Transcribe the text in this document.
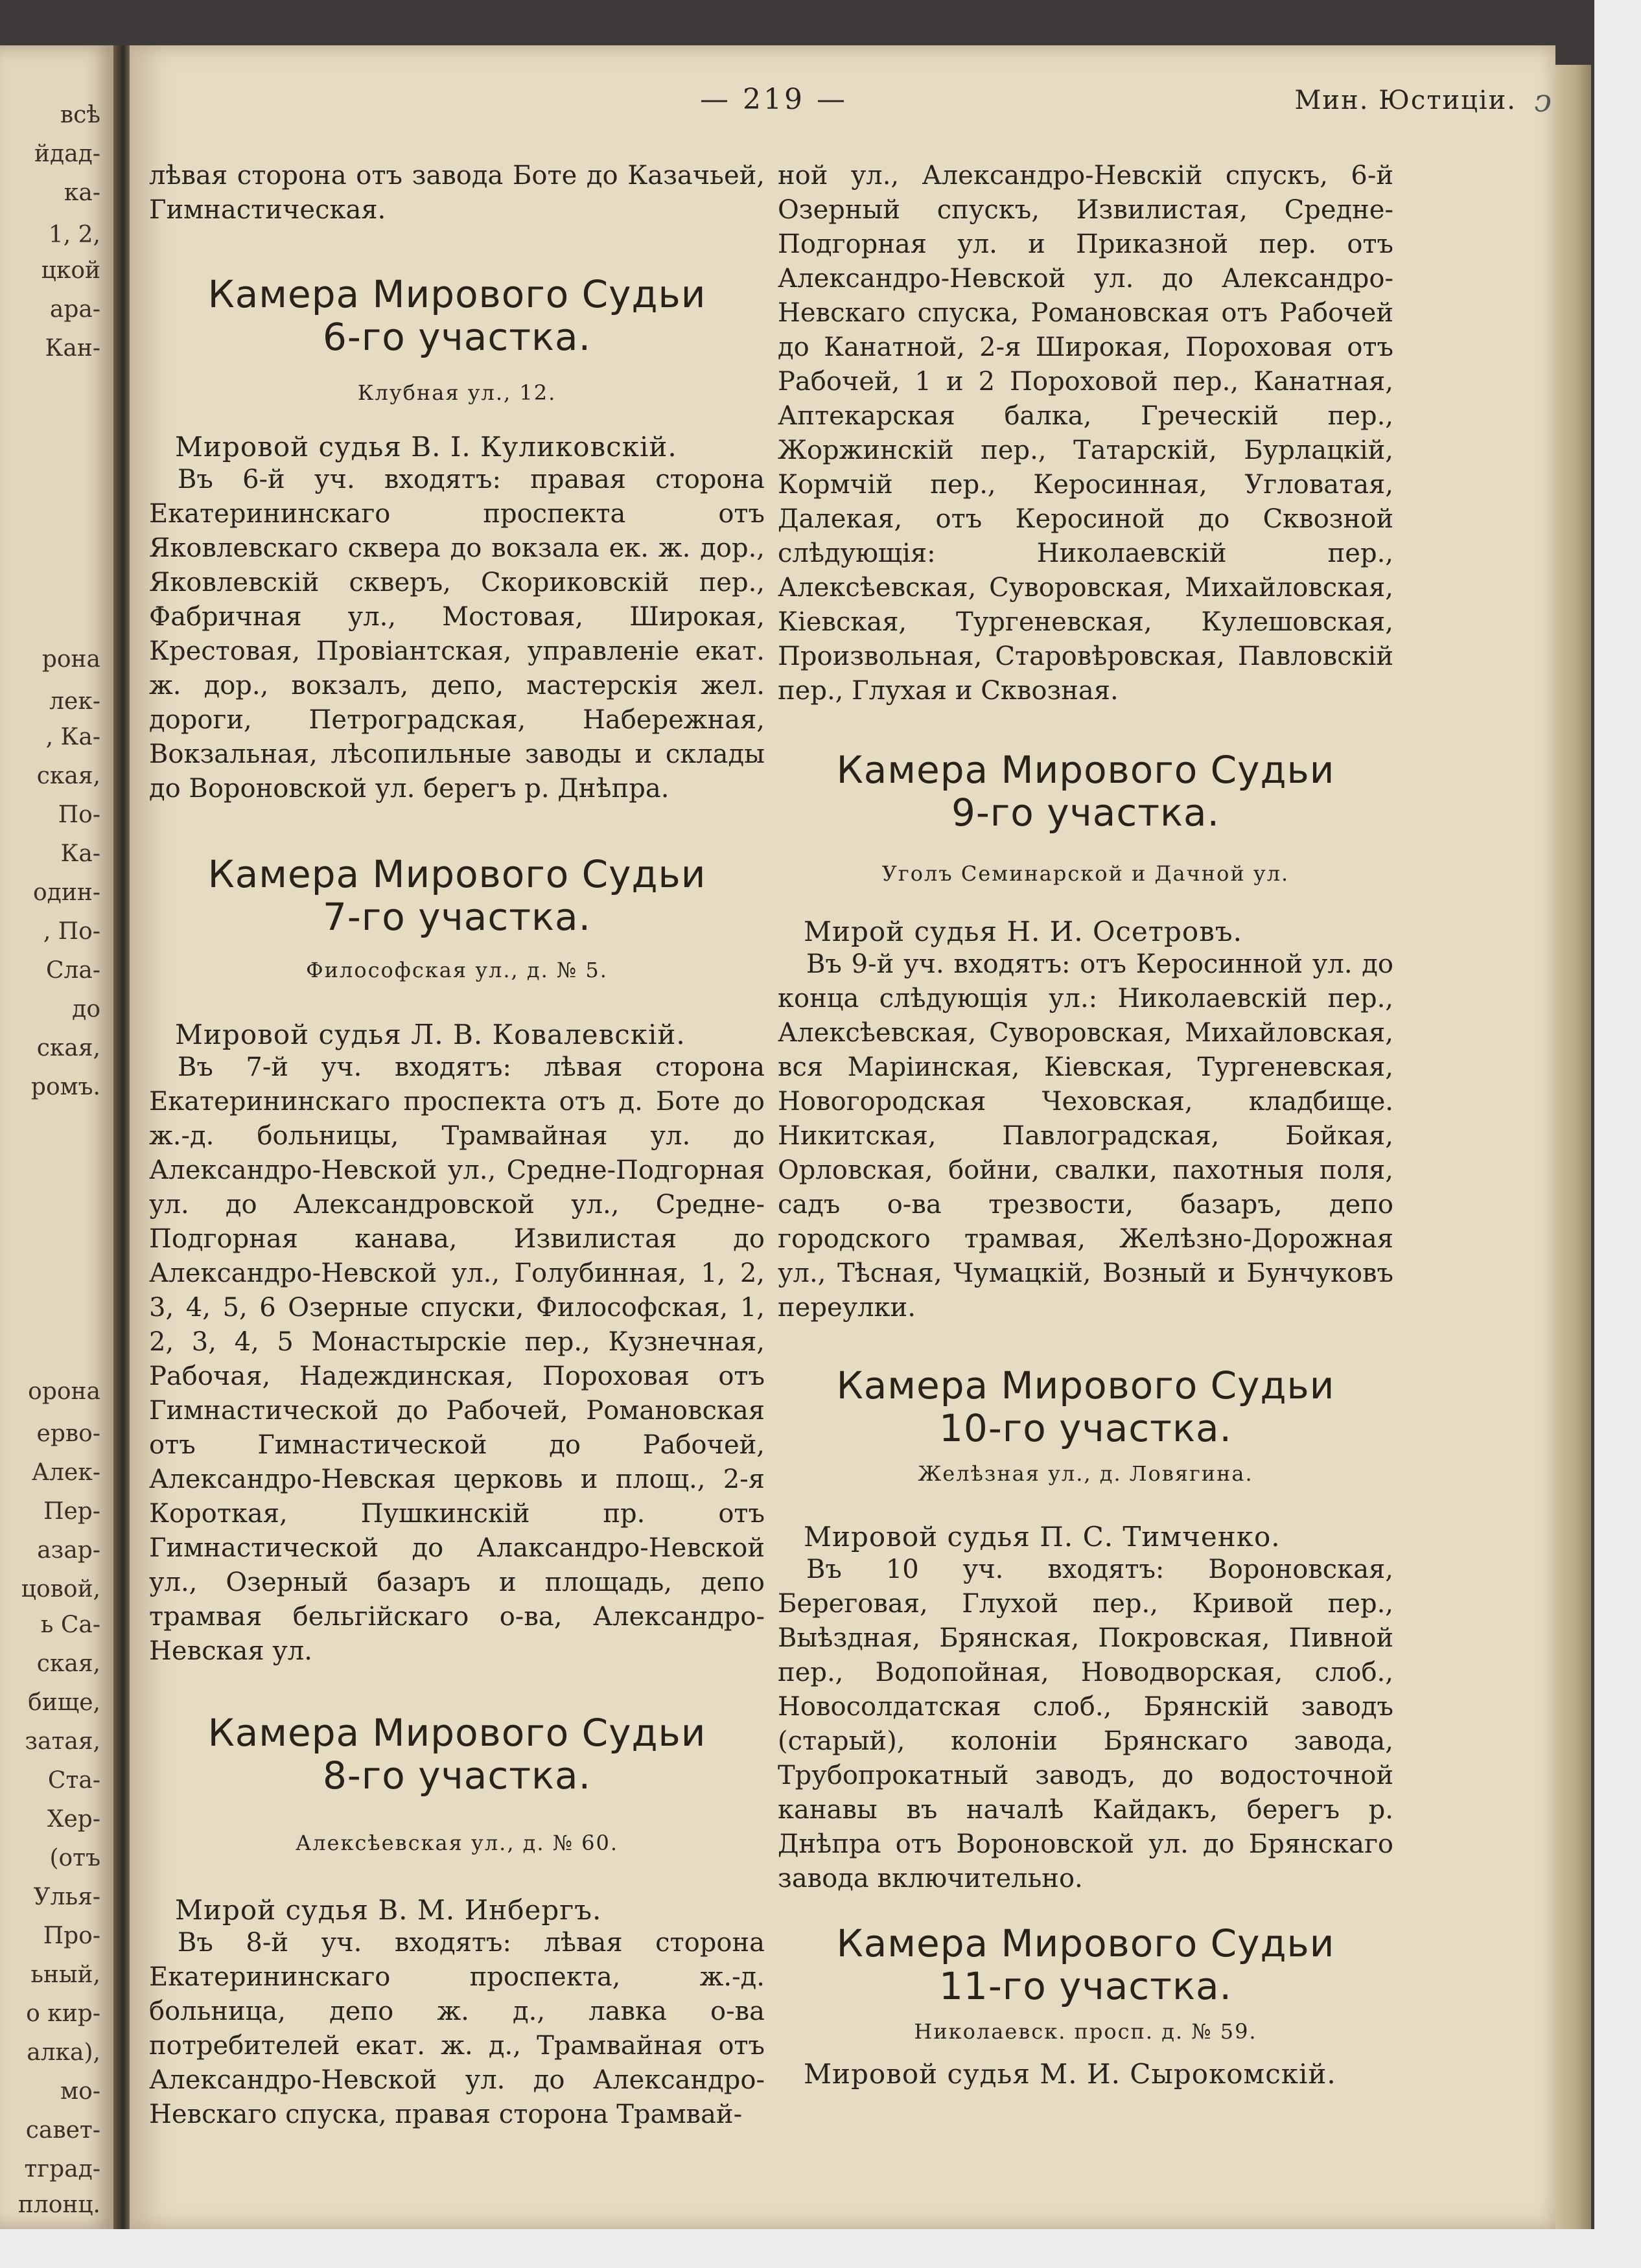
всѣ
йдад-
ка-
1, 2,
цкой
ара-
Кан-
рона
лек-
, Ка-
ская,
По-
Ка-
один-
, По-
Сла-
до
ская,
ромъ.
орона
ерво-
Алек-
Пер-
азар-
цовой,
ь Са-
ская,
бище,
затая,
Ста-
Хер-
(отъ
Улья-
Про-
ьный,
о кир-
алка),
мо-
савет-
тград-
плонц.
— 219 —	Мин. Юстиціи. ↄ

лѣвая сторона отъ завода Боте до Казачьей, Гимнастическая.

Камера Мирового Судьи

6-го участка.

Клубная ул., 12.

Мировой судья В. І. Куликовскій.

Въ 6-й уч. входятъ: правая сторона Екатерининскаго проспекта отъ Яковлевскаго сквера до вокзала ек. ж. дор., Яковлевскій скверъ, Скориковскій пер., Фабричная ул., Мостовая, Широкая, Крестовая, Провіантская, управленіе екат. ж. дор., вокзалъ, депо, мастерскія жел. дороги, Петроградская, Набережная, Вокзальная, лѣсопильные заводы и склады до Вороновской ул. берегъ р. Днѣпра.

Камера Мирового Судьи

7-го участка.

Философская ул., д. № 5.

Мировой судья Л. В. Ковалевскій.

Въ 7-й уч. входятъ: лѣвая сторона Екатерининскаго проспекта отъ д. Боте до ж.-д. больницы, Трамвайная ул. до Александро-Невской ул., Средне-Подгорная ул. до Александровской ул., Средне-Подгорная канава, Извилистая до Александро-Невской ул., Голубинная, 1, 2, 3, 4, 5, 6 Озерные спуски, Философская, 1, 2, 3, 4, 5 Монастырскіе пер., Кузнечная, Рабочая, Надеждинская, Пороховая отъ Гимнастической до Рабочей, Романовская отъ Гимнастической до Рабочей, Александро-Невская церковь и площ., 2-я Короткая, Пушкинскій пр. отъ Гимнастической до Алаксандро-Невской ул., Озерный базаръ и площадь, депо трамвая бельгійскаго о-ва, Александро-Невская ул.

Камера Мирового Судьи

8-го участка.

Алексѣевская ул., д. № 60.

Мирой судья В. М. Инбергъ.

Въ 8-й уч. входятъ: лѣвая сторона Екатерининскаго проспекта, ж.-д. больница, депо ж. д., лавка о-ва потребителей екат. ж. д., Трамвайная отъ Александро-Невской ул. до Александро-Невскаго спуска, правая сторона Трамвай-

ной ул., Александро-Невскій спускъ, 6-й Озерный спускъ, Извилистая, Средне-Подгорная ул. и Приказной пер. отъ Александро-Невской ул. до Александро-Невскаго спуска, Романовская отъ Рабочей до Канатной, 2-я Широкая, Пороховая отъ Рабочей, 1 и 2 Пороховой пер., Канатная, Аптекарская балка, Греческій пер., Жоржинскій пер., Татарскій, Бурлацкій, Кормчій пер., Керосинная, Угловатая, Далекая, отъ Керосиной до Сквозной слѣдующія: Николаевскій пер., Алексѣевская, Суворовская, Михайловская, Кіевская, Тургеневская, Кулешовская, Произвольная, Старовѣровская, Павловскій пер., Глухая и Сквозная.

Камера Мирового Судьи

9-го участка.

Уголъ Семинарской и Дачной ул.

Мирой судья Н. И. Осетровъ.

Въ 9-й уч. входятъ: отъ Керосинной ул. до конца слѣдующія ул.: Николаевскій пер., Алексѣевская, Суворовская, Михайловская, вся Маріинская, Кіевская, Тургеневская, Новогородская Чеховская, кладбище. Никитская, Павлоградская, Бойкая, Орловская, бойни, свалки, пахотныя поля, садъ о-ва трезвости, базаръ, депо городского трамвая, Желѣзно-Дорожная ул., Тѣсная, Чумацкій, Возный и Бунчуковъ переулки.

Камера Мирового Судьи

10-го участка.

Желѣзная ул., д. Ловягина.

Мировой судья П. С. Тимченко.

Въ 10 уч. входятъ: Вороновская, Береговая, Глухой пер., Кривой пер., Выѣздная, Брянская, Покровская, Пивной пер., Водопойная, Новодворская, слоб., Новосолдатская слоб., Брянскій заводъ (старый), колоніи Брянскаго завода, Трубопрокатный заводъ, до водосточной канавы въ началѣ Кайдакъ, берегъ р. Днѣпра отъ Вороновской ул. до Брянскаго завода включительно.

Камера Мирового Судьи

11-го участка.

Николаевск. просп. д. № 59.

Мировой судья М. И. Сырокомскій.
